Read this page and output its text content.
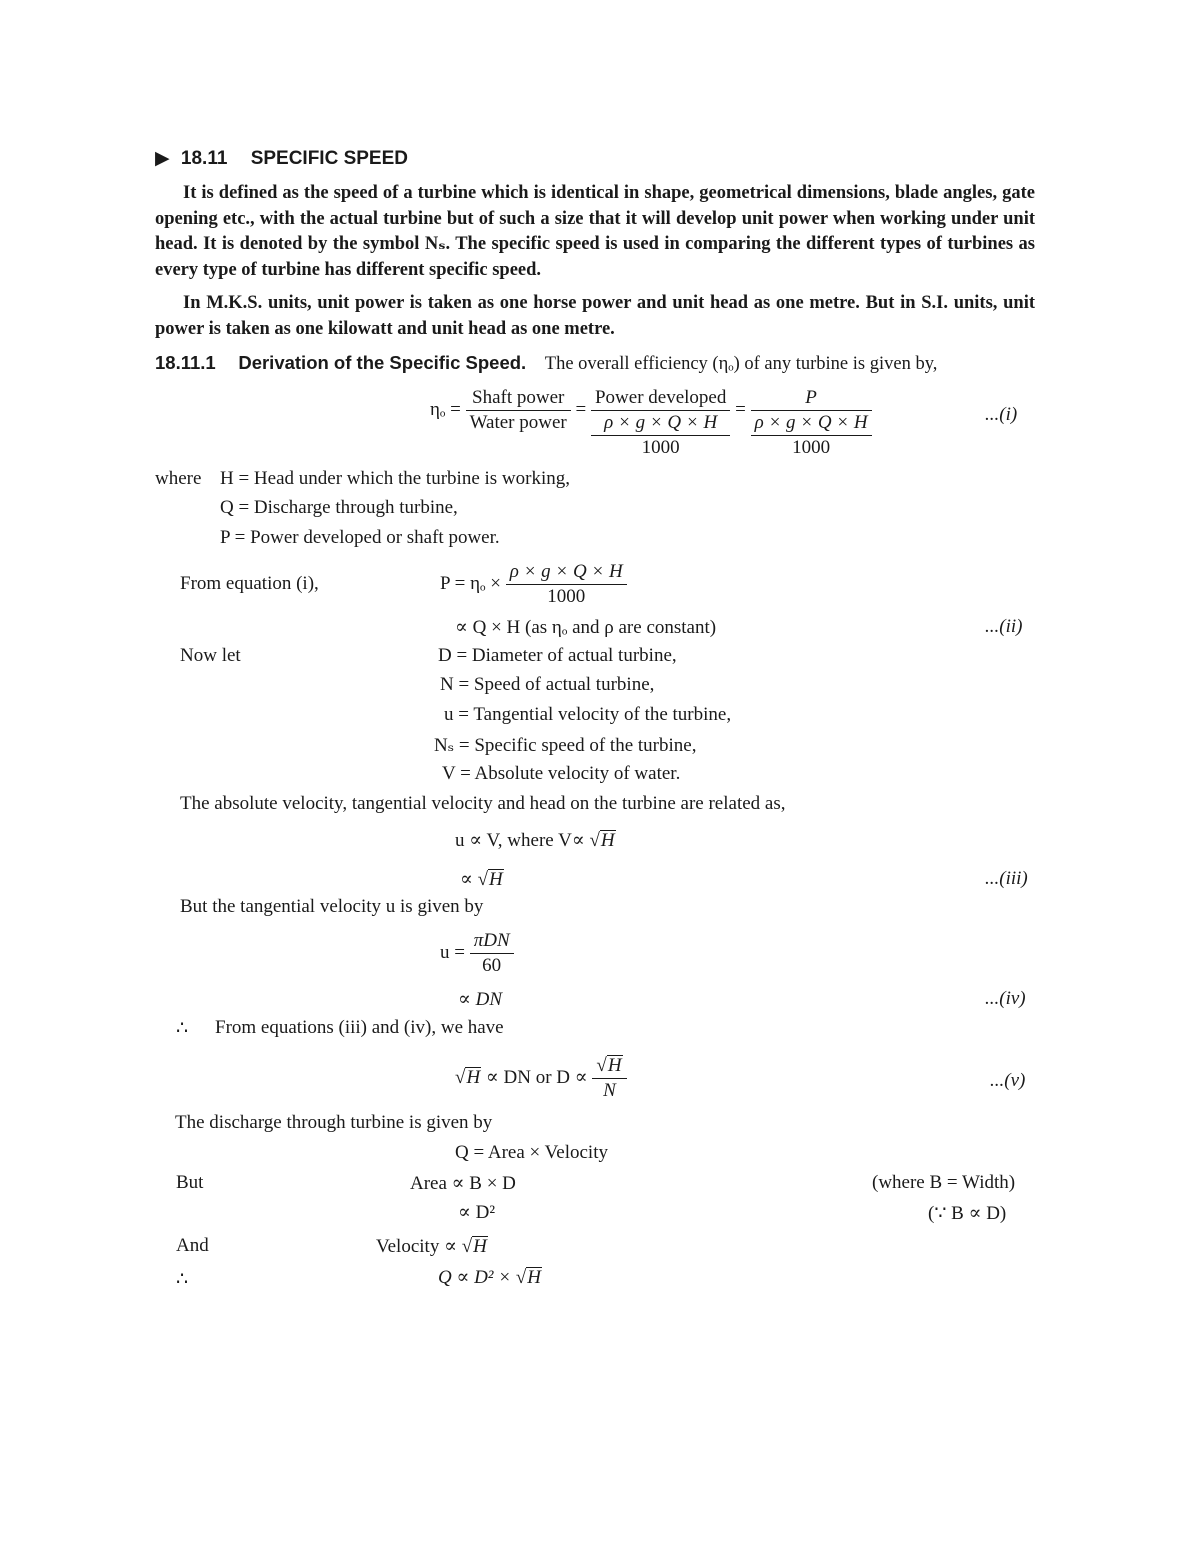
▶ 18.11 SPECIFIC SPEED

It is defined as the speed of a turbine which is identical in shape, geometrical dimensions, blade angles, gate opening etc., with the actual turbine but of such a size that it will develop unit power when working under unit head. It is denoted by the symbol Nₛ. The specific speed is used in comparing the different types of turbines as every type of turbine has different specific speed.

In M.K.S. units, unit power is taken as one horse power and unit head as one metre. But in S.I. units, unit power is taken as one kilowatt and unit head as one metre.

18.11.1 Derivation of the Specific Speed. The overall efficiency (ηₒ) of any turbine is given by,
$\eta_o = \frac{\text{Shaft power}}{\text{Water power}}$ =
Power developed
ρ × g × Q × H
1000
=
P
ρ × g × Q × H
1000
...(i)
where H = Head under which the turbine is working,
Q = Discharge through turbine,
P = Power developed or shaft power.
From equation (i),	$P = \eta_o \times \frac{\rho \times g \times Q \times H}{1000}$
∝ Q × H (as ηₒ and ρ are constant)	...(ii)
Now let	D = Diameter of actual turbine,
N = Speed of actual turbine,
u = Tangential velocity of the turbine,
Nₛ = Specific speed of the turbine,
V = Absolute velocity of water.
The absolute velocity, tangential velocity and head on the turbine are related as,
u ∝ V, where V∝ √H
∝ √H	...(iii)
But the tangential velocity u is given by
$u = \frac{\text{πDN}}{60}$
∝ DN	...(iv)
∴ From equations (iii) and (iv), we have
√H ∝ DN or $D \propto \frac{√H}{N}$	...(v)
The discharge through turbine is given by
Q = Area × Velocity
But	Area ∝ B × D	(where B = Width)
∝ D²	(∵ B ∝ D)
And	Velocity ∝ √H
∴	Q ∝ D² × √H
